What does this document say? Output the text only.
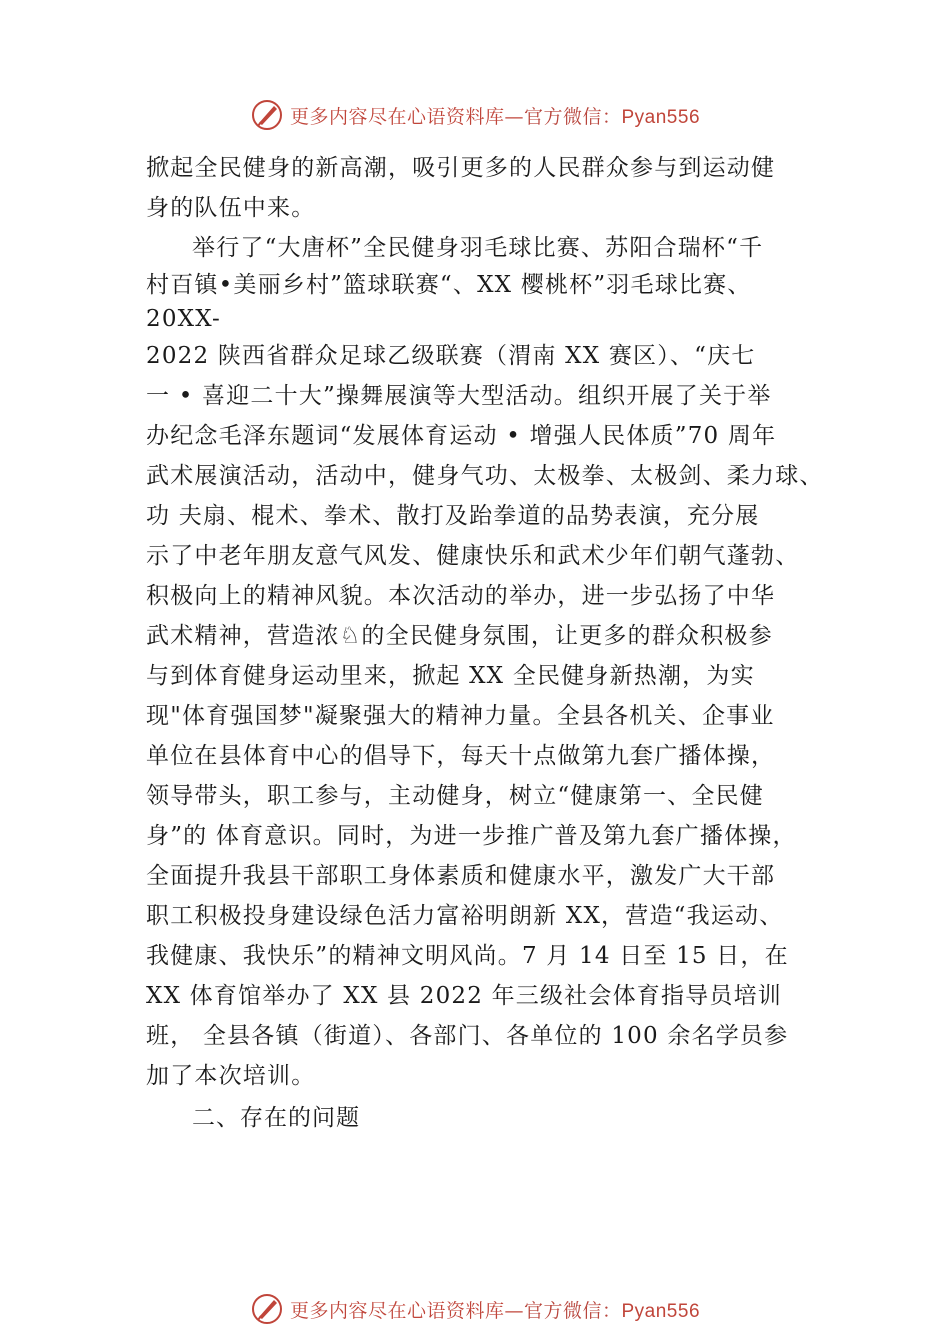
更多内容尽在心语资料库—官方微信：Pyan556
掀起全民健身的新高潮，吸引更多的人民群众参与到运动健
身的队伍中来。
举行了“大唐杯”全民健身羽毛球比赛、苏阳合瑞杯“千
村百镇•美丽乡村”篮球联赛“、XX 樱桃杯”羽毛球比赛、
20XX-
2022 陕西省群众足球乙级联赛（渭南 XX 赛区）、“庆七
一 • 喜迎二十大”操舞展演等大型活动。组织开展了关于举
办纪念毛泽东题词“发展体育运动 • 增强人民体质”70 周年
武术展演活动，活动中，健身气功、太极拳、太极剑、柔力球、
功 夫扇、棍术、拳术、散打及跆拳道的品势表演，充分展
示了中老年朋友意气风发、健康快乐和武术少年们朝气蓬勃、
积极向上的精神风貌。本次活动的举办，进一步弘扬了中华
武术精神，营造浓♘的全民健身氛围，让更多的群众积极参
与到体育健身运动里来，掀起 XX 全民健身新热潮，为实
现"体育强国梦"凝聚强大的精神力量。全县各机关、企事业
单位在县体育中心的倡导下，每天十点做第九套广播体操，
领导带头，职工参与，主动健身，树立“健康第一、全民健
身”的 体育意识。同时，为进一步推广普及第九套广播体操，
全面提升我县干部职工身体素质和健康水平，激发广大干部
职工积极投身建设绿色活力富裕明朗新 XX，营造“我运动、
我健康、我快乐”的精神文明风尚。7 月 14 日至 15 日，在
XX 体育馆举办了 XX 县 2022 年三级社会体育指导员培训
班， 全县各镇（街道）、各部门、各单位的 100 余名学员参
加了本次培训。
二、存在的问题
更多内容尽在心语资料库—官方微信：Pyan556
